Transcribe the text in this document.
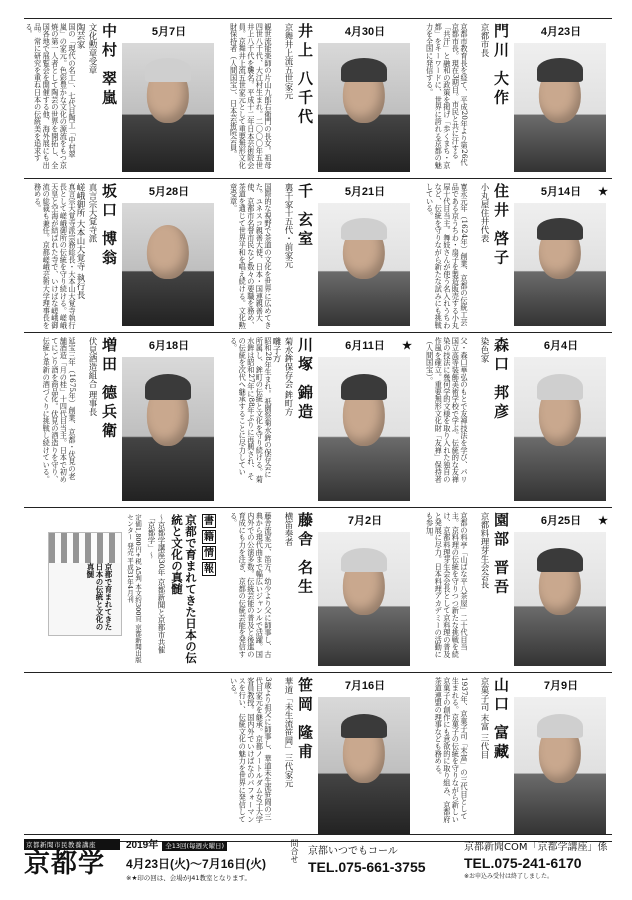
国の「現代の名工」、七代目陶工「中村翠嵐」の家元。色彩豊かな文化の源流をもつ京焼の第一人者として陶芸の世界を開拓し、全国各地で展覧会を開催する他、海外展にも出品。常に研究を重ね日本の伝統美を追求する。	中村 翠嵐
文化勲章受章
陶芸家	5月7日	観世流能楽師の片山九郎右衛門の長女。祖母四世八千代、大江村生まれ。二〇〇〇年五世井上八千代を襲名。平成十二年日本芸術院会員。京舞井上流五世家元として重要無形文化財保持者（人間国宝）、日本芸術院会員。	井上 八千代
京舞井上流五世家元	4月30日	京都市教育長を経て、平成20年より第26代京都市長。現在3期目。市民と共に汗する「共汗」と融和の政策を掲げ「歩くまち・京都」をキーワードに、世界に誇れる京都の魅力を全国に発信する。	門川 大作
京都市長	4月23日
真言宗大覚寺派宗務総長・大本山大覚寺執行長として嵯峨御所の伝統を守り続ける。嵯峨天皇と空海が結ばれた寺で、いけばな嵯峨御流の総裁も兼任。京都嵯峨芸術大学理事長を務める。	坂口 博翁
真言宗大覚寺派
嵯峨御所 大本山大覚寺 執行長	5月28日	国際的な視野で茶道の文化を世界に広めてきた。ユネスコ親善大使、日本・国連親善大使、京都市名誉市民など数々の要職を務め、茶道を通じて世界平和を唱え続ける。文化勲章受章。	千 玄室
裏千家十五代・前家元	5月21日	寛永元年（1624年）創業、京都の伝統工芸品である京うちわ・扇子を製造販売する小丸屋十代目当主。舞妓さんが使う名入れうちわなど、伝統を守りながら新たな試みにも挑戦している。	住井 啓子
小丸屋住井代表	5月14日 ★
延宝三年（1675年）創業、京都・伏見の老舗酒造「月の桂」十四代目当主。日本で初めてにごり酒を商品化。伏見の酒造りを守り、伝統と革新の酒づくりに挑戦し続けている。	増田 德兵衛
伏見酒造組合 理事長	6月18日	昭和28年生まれ。祇園祭菊水鉾の保存会に所属し、鉾町の伝統と文化を守り続ける。菊水鉾は昭和27年に88年ぶりに再興され、その伝統を次代へ継承することに尽力している。	川塚 錦造
菊水鉾保存会 鉾町方
囃子方	6月11日 ★	父・森口華弘のもとで友禅技法を学び、パリ国立高等装飾美術学校で学ぶ。伝統的な友禅染の技法に幾何学的文様を取り入れた独自の作風を確立。重要無形文化財「友禅」保持者（人間国宝）。	森口 邦彦
染色家	6月4日
書
籍
情
報
京都で育まれてきた日本の伝統と文化の真髄
〜京都学講座30年 京都新聞と京都市共催「京都学」〜
定価1,800円+税 A5判 本文約300頁 京都新聞出版センター 発売 平成31年4月刊
京都で育まれてきた日本の伝統と文化の真髄	藤舎流家元、笛方。幼少より父に師事し、古典から現代曲まで幅広いジャンルで活躍。国内外での公演多数。伝統芸能の普及と後進の育成にも力を注ぎ、京都の伝統芸能を発信する。	藤舎 名生
横笛奏者	7月2日	京都の料亭「山ばな平八茶屋」二十代目当主。京料理の伝統を守りつつ新たな挑戦を続け、京都料理芽生会会長として京料理の普及と発展に尽力。日本料理アカデミーの活動にも参加。	園部 晋吾
京都料理芽生会会長	6月25日 ★
3歳より祖父に師事し、華道未生流笹岡の三代目家元を継承。京都ノートルダム女子大学客員教授。国内外でいけばなのパフォーマンスを行い、伝統文化の魅力を世界に発信している。	笹岡 隆甫
華道「未生流笹岡」三代家元	7月16日	1937年、京菓子司「末富」の三代目として生まれる。京菓子の伝統を守りながら新しい京菓子の創作にも意欲的に取り組み、京都府茶道連盟の理事なども務める。	山口 富藏
京菓子司 末富 三代目	7月9日
京都新聞市民教養講座
京都学
2019年 全13回(毎週火曜日)
4月23日(火)〜7月16日(火)
※★印の回は、会場がJ41教室となります。
問合せ 京都いつでもコール
TEL.075-661-3755
京都新聞COM「京都学講座」係
TEL.075-241-6170
※お申込み受付は終了しました。
